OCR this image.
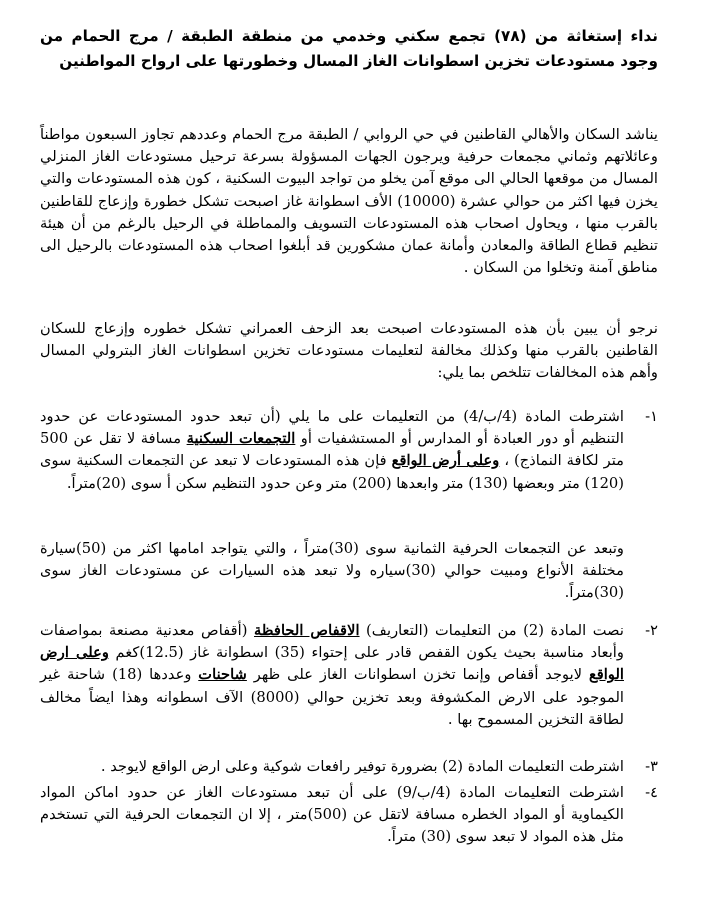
نداء إستغاثة من (٧٨) تجمع سكني وخدمي من منطقة الطبقة / مرج الحمام من وجود مستودعات تخزين اسطوانات الغاز المسال وخطورتها على ارواح المواطنين

يناشد السكان والأهالي القاطنين في حي الروابي / الطبقة مرج الحمام وعددهم تجاوز السبعون مواطناً وعائلاتهم وثماني مجمعات حرفية ويرجون الجهات المسؤولة بسرعة ترحيل مستودعات الغاز المنزلي المسال من موقعها الحالي الى موقع آمن يخلو من تواجد البيوت السكنية ، كون هذه المستودعات والتي يخزن فيها اكثر من حوالي عشرة (10000) الأف اسطوانة غاز اصبحت تشكل خطورة وإزعاج للقاطنين بالقرب منها ، ويحاول اصحاب هذه المستودعات التسويف والمماطلة في الرحيل بالرغم من أن هيئة تنظيم قطاع الطاقة والمعادن وأمانة عمان مشكورين قد أبلغوا اصحاب هذه المستودعات بالرحيل الى مناطق آمنة وتخلوا من السكان .

نرجو أن يبين بأن هذه المستودعات اصبحت بعد الزحف العمراني تشكل خطوره وإزعاج للسكان القاطنين بالقرب منها وكذلك مخالفة لتعليمات مستودعات تخزين اسطوانات الغاز البترولي المسال وأهم هذه المخالفات تتلخص بما يلي:

١-
اشترطت المادة (4/ب/4) من التعليمات على ما يلي (أن تبعد حدود المستودعات عن حدود التنظيم أو دور العبادة أو المدارس أو المستشفيات أو التجمعات السكنية مسافة لا تقل عن 500 متر لكافة النماذج) ، وعلى أرض الواقع فإن هذه المستودعات لا تبعد عن التجمعات السكنية سوى (120) متر وبعضها (130) متر وابعدها (200) متر وعن حدود التنظيم سكن أ سوى (20)متراً.

وتبعد عن التجمعات الحرفية الثمانية سوى (30)متراً ، والتي يتواجد امامها اكثر من (50)سيارة مختلفة الأنواع ومبيت حوالي (30)سياره ولا تبعد هذه السيارات عن مستودعات الغاز سوى (30)متراً.

٢-
نصت المادة (2) من التعليمات (التعاريف) الاقفاص الحافظة (أقفاص معدنية مصنعة بمواصفات وأبعاد مناسبة بحيث يكون القفص قادر على إحتواء (35) اسطوانة غاز (12.5)كغم وعلى ارض الواقع لايوجد أقفاص وإنما تخزن اسطوانات الغاز على ظهر شاحنات وعددها (18) شاحنة غير الموجود على الارض المكشوفة وبعد تخزين حوالي (8000) الآف اسطوانه وهذا ايضاً مخالف لطاقة التخزين المسموح بها .
٣-
اشترطت التعليمات المادة (2) بضرورة توفير رافعات شوكية وعلى ارض الواقع لايوجد .
٤-
اشترطت التعليمات المادة (4/ب/9) على أن تبعد مستودعات الغاز عن حدود اماكن المواد الكيماوية أو المواد الخطره مسافة لاتقل عن (500)متر ، إلا ان التجمعات الحرفية التي تستخدم مثل هذه المواد لا تبعد سوى (30) متراً.
